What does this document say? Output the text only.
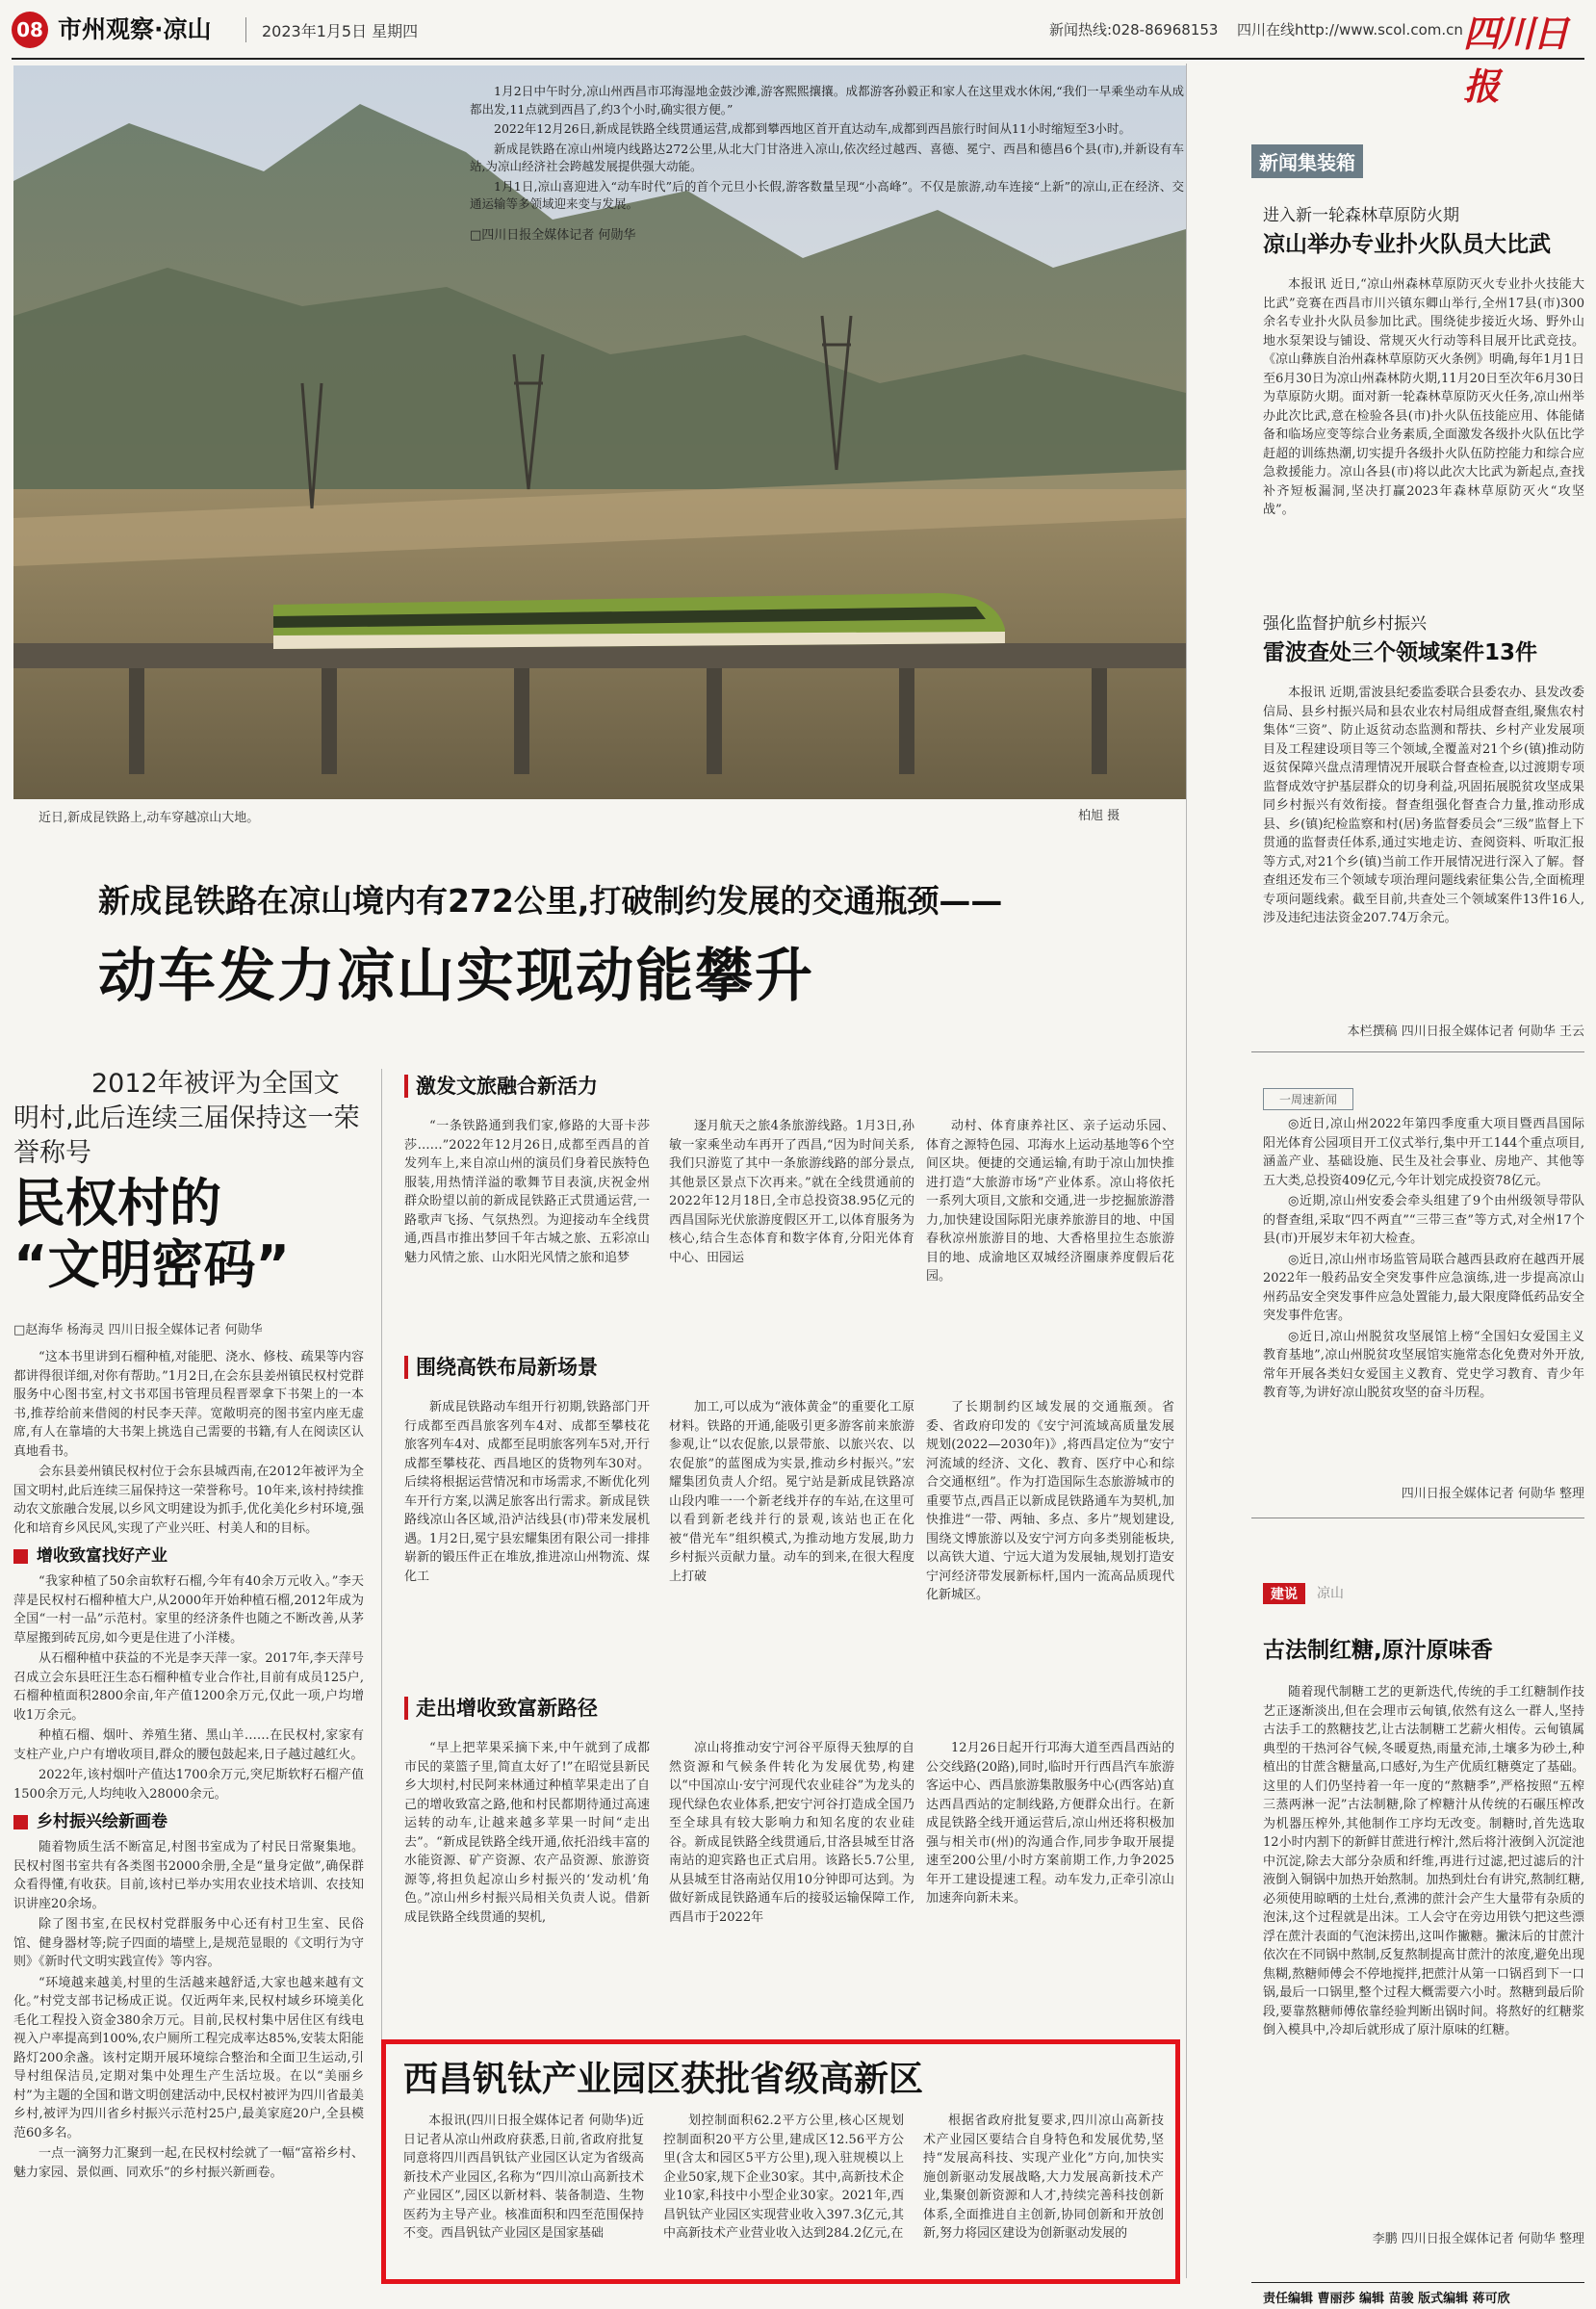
08 市州观察·凉山	2023年1月5日 星期四	新闻热线:028-86968153 四川在线http://www.scol.com.cn 四川日报
近日,新成昆铁路上,动车穿越凉山大地。	柏旭 摄

1月2日中午时分,凉山州西昌市邛海湿地金鼓沙滩,游客熙熙攘攘。成都游客孙毅正和家人在这里戏水休闲,“我们一早乘坐动车从成都出发,11点就到西昌了,约3个小时,确实很方便。”

2022年12月26日,新成昆铁路全线贯通运营,成都到攀西地区首开直达动车,成都到西昌旅行时间从11小时缩短至3小时。

新成昆铁路在凉山州境内线路达272公里,从北大门甘洛进入凉山,依次经过越西、喜德、冕宁、西昌和德昌6个县(市),并新设有车站,为凉山经济社会跨越发展提供强大动能。

1月1日,凉山喜迎进入“动车时代”后的首个元旦小长假,游客数量呈现“小高峰”。不仅是旅游,动车连接“上新”的凉山,正在经济、交通运输等多领域迎来变与发展。

□四川日报全媒体记者 何勋华
新成昆铁路在凉山境内有272公里,打破制约发展的交通瓶颈——
动车发力凉山实现动能攀升
2012年被评为全国文明村,此后连续三届保持这一荣誉称号
民权村的
“文明密码”
□赵海华 杨海灵 四川日报全媒体记者 何勋华

“这本书里讲到石榴种植,对能肥、浇水、修枝、疏果等内容都讲得很详细,对你有帮助。”1月2日,在会东县姜州镇民权村党群服务中心图书室,村文书邓国书管理员程晋翠拿下书架上的一本书,推荐给前来借阅的村民李天萍。宽敞明亮的图书室内座无虚席,有人在靠墙的大书架上挑选自己需要的书籍,有人在阅读区认真地看书。

会东县姜州镇民权村位于会东县城西南,在2012年被评为全国文明村,此后连续三届保持这一荣誉称号。10年来,该村持续推动农文旅融合发展,以乡风文明建设为抓手,优化美化乡村环境,强化和培育乡风民风,实现了产业兴旺、村美人和的目标。

增收致富找好产业

“我家种植了50余亩软籽石榴,今年有40余万元收入。”李天萍是民权村石榴种植大户,从2000年开始种植石榴,2012年成为全国“一村一品”示范村。家里的经济条件也随之不断改善,从茅草屋搬到砖瓦房,如今更是住进了小洋楼。

从石榴种植中获益的不光是李天萍一家。2017年,李天萍号召成立会东县旺汪生态石榴种植专业合作社,目前有成员125户,石榴种植面积2800余亩,年产值1200余万元,仅此一项,户均增收1万余元。

种植石榴、烟叶、养殖生猪、黑山羊……在民权村,家家有支柱产业,户户有增收项目,群众的腰包鼓起来,日子越过越红火。

2022年,该村烟叶产值达1700余万元,突尼斯软籽石榴产值1500余万元,人均纯收入28000余元。

乡村振兴绘新画卷

随着物质生活不断富足,村图书室成为了村民日常聚集地。民权村图书室共有各类图书2000余册,全是“量身定做”,确保群众看得懂,有收获。目前,该村已举办实用农业技术培训、农技知识讲座20余场。

除了图书室,在民权村党群服务中心还有村卫生室、民俗馆、健身器材等;院子四面的墙壁上,是规范显眼的《文明行为守则》《新时代文明实践宣传》等内容。

“环境越来越美,村里的生活越来越舒适,大家也越来越有文化。”村党支部书记杨成正说。仅近两年来,民权村域乡环境美化毛化工程投入资金380余万元。目前,民权村集中居住区有线电视入户率提高到100%,农户厕所工程完成率达85%,安装太阳能路灯200余盏。该村定期开展环境综合整治和全面卫生运动,引导村组保洁员,定期对集中处理生产生活垃圾。在以“美丽乡村”为主题的全国和谐文明创建活动中,民权村被评为四川省最美乡村,被评为四川省乡村振兴示范村25户,最美家庭20户,全县模范60多名。

一点一滴努力汇聚到一起,在民权村绘就了一幅“富裕乡村、魅力家园、景似画、同欢乐”的乡村振兴新画卷。

激发文旅融合新活力

“一条铁路通到我们家,修路的大哥卡莎莎……”2022年12月26日,成都至西昌的首发列车上,来自凉山州的演员们身着民族特色服装,用热情洋溢的歌舞节目表演,庆祝金州群众盼望以前的新成昆铁路正式贯通运营,一路歌声飞扬、气氛热烈。为迎接动车全线贯通,西昌市推出梦回千年古城之旅、五彩凉山魅力风情之旅、山水阳光风情之旅和追梦

逐月航天之旅4条旅游线路。1月3日,孙敏一家乘坐动车再开了西昌,“因为时间关系,我们只游览了其中一条旅游线路的部分景点,其他景区景点下次再来。”就在全线贯通前的2022年12月18日,全市总投资38.95亿元的西昌国际光伏旅游度假区开工,以体育服务为核心,结合生态体育和数字体育,分阳光体育中心、田园运

动村、体育康养社区、亲子运动乐园、体育之源特色园、邛海水上运动基地等6个空间区块。便捷的交通运输,有助于凉山加快推进打造“大旅游市场”产业体系。凉山将依托一系列大项目,文旅和交通,进一步挖掘旅游潜力,加快建设国际阳光康养旅游目的地、中国春秋凉州旅游目的地、大香格里拉生态旅游目的地、成渝地区双城经济圈康养度假后花园。

围绕高铁布局新场景

新成昆铁路动车组开行初期,铁路部门开行成都至西昌旅客列车4对、成都至攀枝花旅客列车4对、成都至昆明旅客列车5对,开行成都至攀枝花、西昌地区的货物列车30对。后续将根据运营情况和市场需求,不断优化列车开行方案,以满足旅客出行需求。新成昆铁路线凉山各区域,沿泸沽线县(市)带来发展机遇。1月2日,冕宁县宏耀集团有限公司一排排崭新的锻压件正在堆放,推进凉山州物流、煤化工

加工,可以成为“液体黄金”的重要化工原材料。铁路的开通,能吸引更多游客前来旅游参观,让“以农促旅,以景带旅、以旅兴农、以农促旅”的蓝图成为实景,推动乡村振兴。”宏耀集团负责人介绍。冕宁站是新成昆铁路凉山段内唯一一个新老线并存的车站,在这里可以看到新老线并行的景观,该站也正在化被“借光车”组织模式,为推动地方发展,助力乡村振兴贡献力量。动车的到来,在很大程度上打破

了长期制约区域发展的交通瓶颈。省委、省政府印发的《安宁河流域高质量发展规划(2022—2030年)》,将西昌定位为“安宁河流域的经济、文化、教育、医疗中心和综合交通枢纽”。作为打造国际生态旅游城市的重要节点,西昌正以新成昆铁路通车为契机,加快推进“一带、两轴、多点、多片”规划建设,围绕文博旅游以及安宁河方向多类别能板块,以高铁大道、宁远大道为发展轴,规划打造安宁河经济带发展新标杆,国内一流高品质现代化新城区。

走出增收致富新路径

“早上把苹果采摘下来,中午就到了成都市民的菜篮子里,简直太好了!”在昭觉县新民乡大坝村,村民阿来林通过种植苹果走出了自己的增收致富之路,他和村民都期待通过高速运转的动车,让越来越多苹果一时间“走出去”。“新成昆铁路全线开通,依托沿线丰富的水能资源、矿产资源、农产品资源、旅游资源等,将担负起凉山乡村振兴的‘发动机’角色。”凉山州乡村振兴局相关负责人说。借新成昆铁路全线贯通的契机,

凉山将推动安宁河谷平原得天独厚的自然资源和气候条件转化为发展优势,构建以“中国凉山·安宁河现代农业硅谷”为龙头的现代绿色农业体系,把安宁河谷打造成全国乃至全球具有较大影响力和知名度的农业硅谷。新成昆铁路全线贯通后,甘洛县城至甘洛南站的迎宾路也正式启用。该路长5.7公里,从县城至甘洛南站仅用10分钟即可达到。为做好新成昆铁路通车后的接驳运输保障工作,西昌市于2022年

12月26日起开行邛海大道至西昌西站的公交线路(20路),同时,临时开行西昌汽车旅游客运中心、西昌旅游集散服务中心(西客站)直达西昌西站的定制线路,方便群众出行。在新成昆铁路全线开通运营后,凉山州还将积极加强与相关市(州)的沟通合作,同步争取开展提速至200公里/小时方案前期工作,力争2025年开工建设提速工程。动车发力,正牵引凉山加速奔向新未来。

西昌钒钛产业园区获批省级高新区

本报讯(四川日报全媒体记者 何勋华)近日记者从凉山州政府获悉,日前,省政府批复同意将四川西昌钒钛产业园区认定为省级高新技术产业园区,名称为“四川凉山高新技术产业园区”,园区以新材料、装备制造、生物医药为主导产业。核准面积和四至范围保持不变。西昌钒钛产业园区是国家基础

划控制面积62.2平方公里,核心区规划控制面积20平方公里,建成区12.56平方公里(含太和园区5平方公里),现入驻规模以上企业50家,规下企业30家。其中,高新技术企业10家,科技中小型企业30家。2021年,西昌钒钛产业园区实现营业收入397.3亿元,其中高新技术产业营业收入达到284.2亿元,在

根据省政府批复要求,四川凉山高新技术产业园区要结合自身特色和发展优势,坚持“发展高科技、实现产业化”方向,加快实施创新驱动发展战略,大力发展高新技术产业,集聚创新资源和人才,持续完善科技创新体系,全面推进自主创新,协同创新和开放创新,努力将园区建设为创新驱动发展的

新闻集装箱
进入新一轮森林草原防火期
凉山举办专业扑火队员大比武

本报讯 近日,“凉山州森林草原防灭火专业扑火技能大比武”竞赛在西昌市川兴镇东卿山举行,全州17县(市)300余名专业扑火队员参加比武。围绕徒步接近火场、野外山地水泵架设与铺设、常规灭火行动等科目展开比武竞技。《凉山彝族自治州森林草原防灭火条例》明确,每年1月1日至6月30日为凉山州森林防火期,11月20日至次年6月30日为草原防火期。面对新一轮森林草原防灭火任务,凉山州举办此次比武,意在检验各县(市)扑火队伍技能应用、体能储备和临场应变等综合业务素质,全面激发各级扑火队伍比学赶超的训练热潮,切实提升各级扑火队伍防控能力和综合应急救援能力。凉山各县(市)将以此次大比武为新起点,查找补齐短板漏洞,坚决打赢2023年森林草原防灭火“攻坚战”。

强化监督护航乡村振兴
雷波查处三个领域案件13件

本报讯 近期,雷波县纪委监委联合县委农办、县发改委信局、县乡村振兴局和县农业农村局组成督查组,聚焦农村集体“三资”、防止返贫动态监测和帮扶、乡村产业发展项目及工程建设项目等三个领域,全覆盖对21个乡(镇)推动防返贫保障兴盘点清理情况开展联合督查检查,以过渡期专项监督成效守护基层群众的切身利益,巩固拓展脱贫攻坚成果同乡村振兴有效衔接。督查组强化督查合力量,推动形成县、乡(镇)纪检监察和村(居)务监督委员会“三级”监督上下贯通的监督责任体系,通过实地走访、查阅资料、听取汇报等方式,对21个乡(镇)当前工作开展情况进行深入了解。督查组还发布三个领域专项治理问题线索征集公告,全面梳理专项问题线索。截至目前,共查处三个领域案件13件16人,涉及违纪违法资金207.74万余元。

本栏撰稿 四川日报全媒体记者 何勋华 王云
一周速新闻

◎近日,凉山州2022年第四季度重大项目暨西昌国际阳光体育公园项目开工仪式举行,集中开工144个重点项目,涵盖产业、基础设施、民生及社会事业、房地产、其他等五大类,总投资409亿元,今年计划完成投资78亿元。

◎近期,凉山州安委会牵头组建了9个由州级领导带队的督查组,采取“四不两直”“三带三查”等方式,对全州17个县(市)开展岁末年初大检查。

◎近日,凉山州市场监管局联合越西县政府在越西开展2022年一般药品安全突发事件应急演练,进一步提高凉山州药品安全突发事件应急处置能力,最大限度降低药品安全突发事件危害。

◎近日,凉山州脱贫攻坚展馆上榜“全国妇女爱国主义教育基地”,凉山州脱贫攻坚展馆实施常态化免费对外开放,常年开展各类妇女爱国主义教育、党史学习教育、青少年教育等,为讲好凉山脱贫攻坚的奋斗历程。

四川日报全媒体记者 何勋华 整理
建说	凉山
古法制红糖,原汁原味香

随着现代制糖工艺的更新迭代,传统的手工红糖制作技艺正逐渐淡出,但在会理市云甸镇,依然有这么一群人,坚持古法手工的熬糖技艺,让古法制糖工艺薪火相传。云甸镇属典型的干热河谷气候,冬暖夏热,雨量充沛,土壤多为砂土,种植出的甘蔗含糖量高,口感好,为生产优质红糖奠定了基础。这里的人们仍坚持着一年一度的“熬糖季”,严格按照“五榨三蒸两淋一泥”古法制糖,除了榨糖汁从传统的石碾压榨改为机器压榨外,其他制作工序均无改变。制糖时,首先选取12小时内割下的新鲜甘蔗进行榨汁,然后将汁液倒入沉淀池中沉淀,除去大部分杂质和纤维,再进行过滤,把过滤后的汁液倒入铜锅中加热开始熬制。加热到灶台有讲究,熬制红糖,必须使用晾晒的土灶台,煮沸的蔗汁会产生大量带有杂质的泡沫,这个过程就是出沫。工人会守在旁边用铁勺把这些漂浮在蔗汁表面的气泡沫捞出,这叫作撇糖。撇沫后的甘蔗汁依次在不同锅中熬制,反复熬制提高甘蔗汁的浓度,避免出现焦糊,熬糖师傅会不停地搅拌,把蔗汁从第一口锅舀到下一口锅,最后一口锅里,整个过程大概需要六小时。熬糖到最后阶段,要靠熬糖师傅依靠经验判断出锅时间。将熬好的红糖浆倒入模具中,冷却后就形成了原汁原味的红糖。

李鹏 四川日报全媒体记者 何勋华 整理
责任编辑 曹丽莎 编辑 苗骏 版式编辑 蒋可欣
